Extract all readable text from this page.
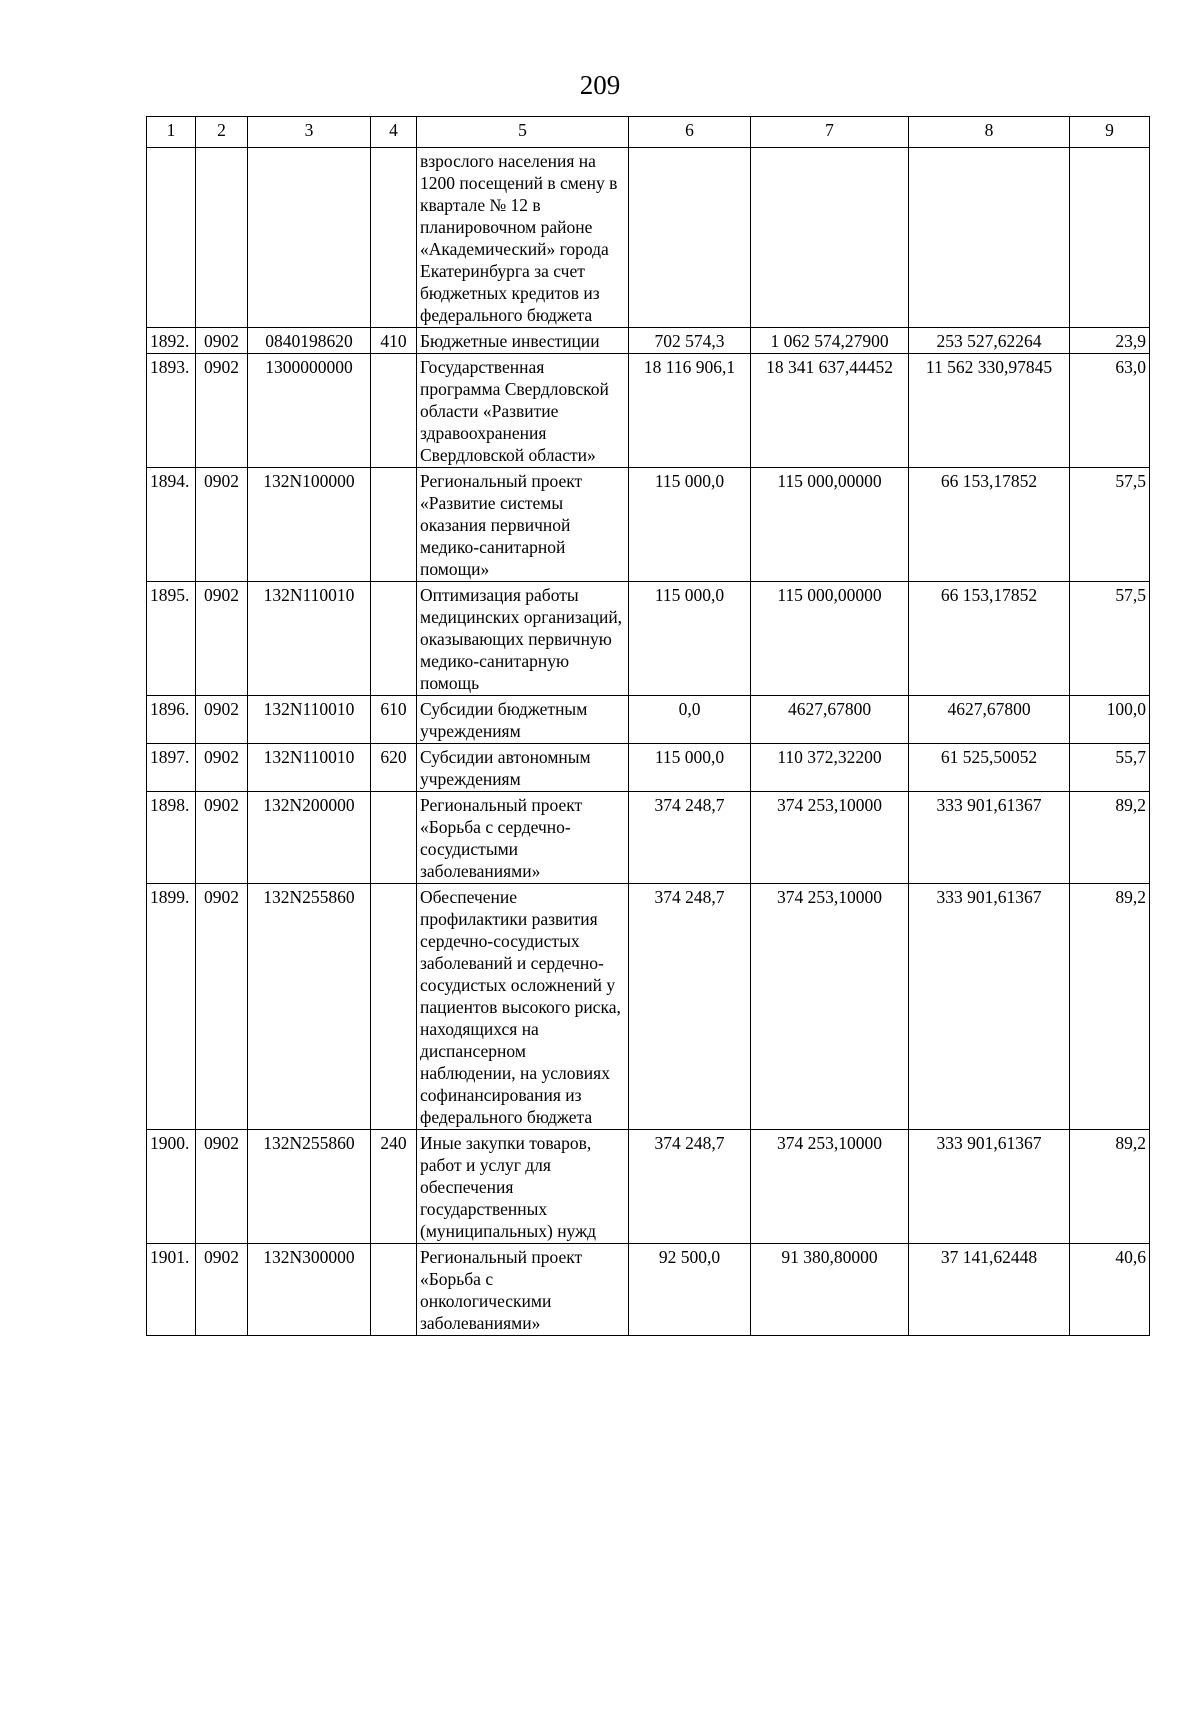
209
1	2	3	4	5	6	7	8	9
				взрослого населения на 1200 посещений в смену в квартале № 12 в планировочном районе «Академический» города Екатеринбурга за счет бюджетных кредитов из федерального бюджета				
1892.	0902	0840198620	410	Бюджетные инвестиции	702 574,3	1 062 574,27900	253 527,62264	23,9
1893.	0902	1300000000		Государственная программа Свердловской области «Развитие здравоохранения Свердловской области»	18 116 906,1	18 341 637,44452	11 562 330,97845	63,0
1894.	0902	132N100000		Региональный проект «Развитие системы оказания первичной медико-санитарной помощи»	115 000,0	115 000,00000	66 153,17852	57,5
1895.	0902	132N110010		Оптимизация работы медицинских организаций, оказывающих первичную медико-санитарную помощь	115 000,0	115 000,00000	66 153,17852	57,5
1896.	0902	132N110010	610	Субсидии бюджетным учреждениям	0,0	4627,67800	4627,67800	100,0
1897.	0902	132N110010	620	Субсидии автономным учреждениям	115 000,0	110 372,32200	61 525,50052	55,7
1898.	0902	132N200000		Региональный проект «Борьба с сердечно-сосудистыми заболеваниями»	374 248,7	374 253,10000	333 901,61367	89,2
1899.	0902	132N255860		Обеспечение профилактики развития сердечно-сосудистых заболеваний и сердечно-сосудистых осложнений у пациентов высокого риска, находящихся на диспансерном наблюдении, на условиях софинансирования из федерального бюджета	374 248,7	374 253,10000	333 901,61367	89,2
1900.	0902	132N255860	240	Иные закупки товаров, работ и услуг для обеспечения государственных (муниципальных) нужд	374 248,7	374 253,10000	333 901,61367	89,2
1901.	0902	132N300000		Региональный проект «Борьба с онкологическими заболеваниями»	92 500,0	91 380,80000	37 141,62448	40,6
